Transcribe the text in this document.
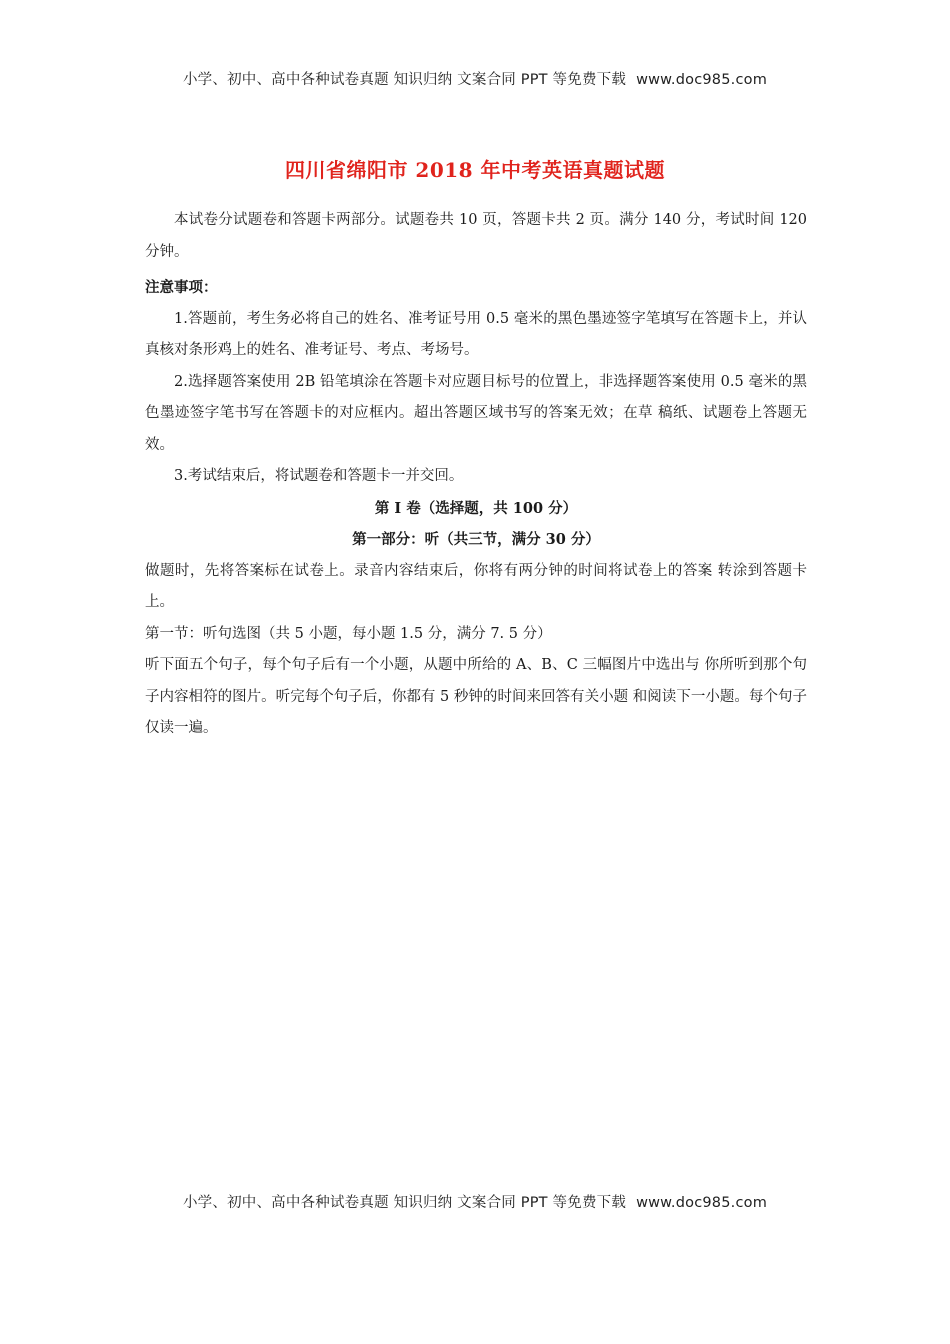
小学、初中、高中各种试卷真题 知识归纳 文案合同 PPT 等免费下载 www.doc985.com
四川省绵阳市 2018 年中考英语真题试题

本试卷分试题卷和答题卡两部分。试题卷共 10 页，答题卡共 2 页。满分 140 分，考试时间 120 分钟。

注意事项：

1.答题前，考生务必将自己的姓名、准考证号用 0.5 毫米的黑色墨迹签字笔填写在答题卡上，并认真核对条形鸡上的姓名、准考证号、考点、考场号。

2.选择题答案使用 2B 铅笔填涂在答题卡对应题目标号的位置上，非选择题答案使用 0.5 毫米的黑色墨迹签字笔书写在答题卡的对应框内。超出答题区域书写的答案无效；在草 稿纸、试题卷上答题无效。

3.考试结束后，将试题卷和答题卡一并交回。

第 I 卷（选择题，共 100 分）

第一部分：听（共三节，满分 30 分）

做题时，先将答案标在试卷上。录音内容结束后，你将有两分钟的时间将试卷上的答案 转涂到答题卡上。

第一节：听句选图（共 5 小题，每小题 1.5 分，满分 7. 5 分）

听下面五个句子，每个句子后有一个小题，从题中所给的 A、B、C 三幅图片中选出与 你所听到那个句子内容相符的图片。听完每个句子后，你都有 5 秒钟的时间来回答有关小题 和阅读下一小题。每个句子仅读一遍。

小学、初中、高中各种试卷真题 知识归纳 文案合同 PPT 等免费下载 www.doc985.com
